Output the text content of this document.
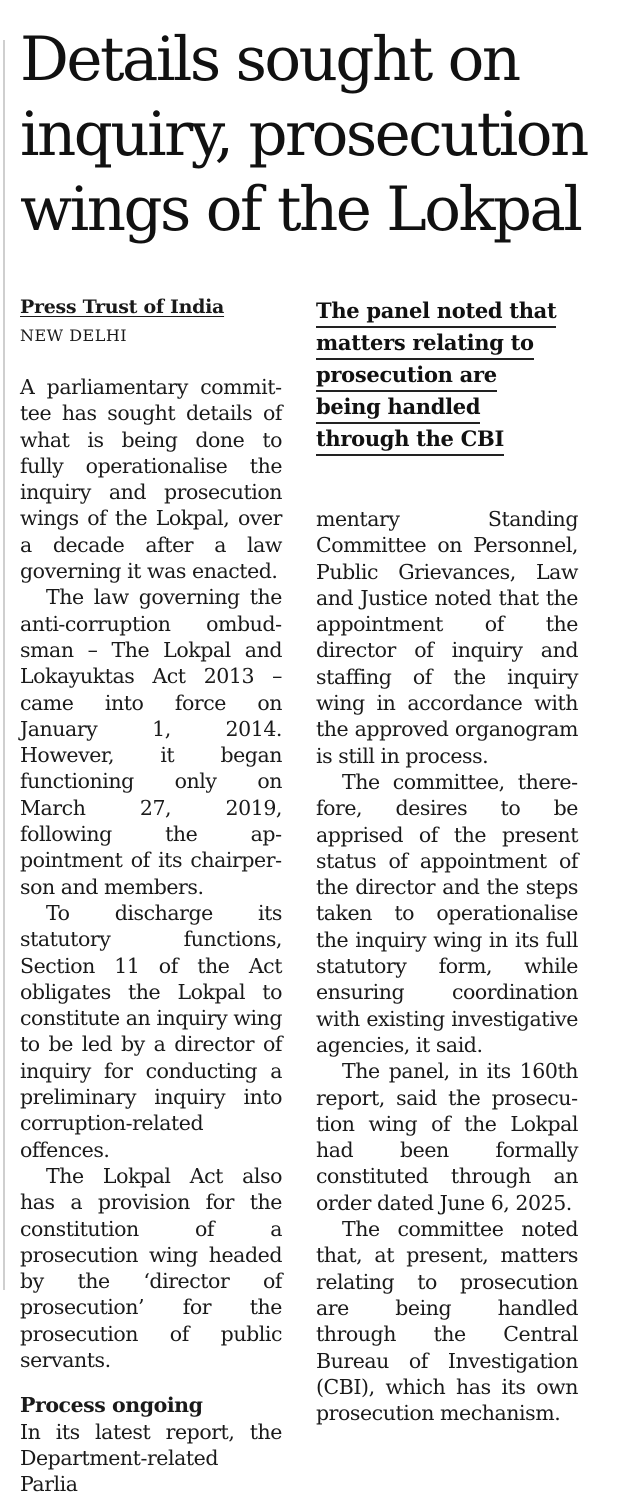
Details sought on inquiry, prosecution wings of the Lokpal
Press Trust of India
NEW DELHI
The panel noted that
matters relating to
prosecution are
being handled
through the CBI

A parliamentary committee has sought details of what is being done to fully operationalise the inquiry and prosecution wings of the Lokpal, over a decade after a law governing it was enacted.

The law governing the anti-corruption ombudsman – The Lokpal and Lokayuktas Act 2013 – came into force on January 1, 2014. However, it began functioning only on March 27, 2019, following the appointment of its chairperson and members.

To discharge its statutory functions, Section 11 of the Act obligates the Lokpal to constitute an inquiry wing to be led by a director of inquiry for conducting a preliminary inquiry into corruption-related offences.

The Lokpal Act also has a provision for the constitution of a prosecution wing headed by the ‘director of prosecution’ for the prosecution of public servants.

Process ongoing

In its latest report, the Department-related Parlia

mentary Standing Committee on Personnel, Public Grievances, Law and Justice noted that the appointment of the director of inquiry and staffing of the inquiry wing in accordance with the approved organogram is still in process.

The committee, therefore, desires to be apprised of the present status of appointment of the director and the steps taken to operationalise the inquiry wing in its full statutory form, while ensuring coordination with existing investigative agencies, it said.

The panel, in its 160th report, said the prosecution wing of the Lokpal had been formally constituted through an order dated June 6, 2025.

The committee noted that, at present, matters relating to prosecution are being handled through the Central Bureau of Investigation (CBI), which has its own prosecution mechanism.
